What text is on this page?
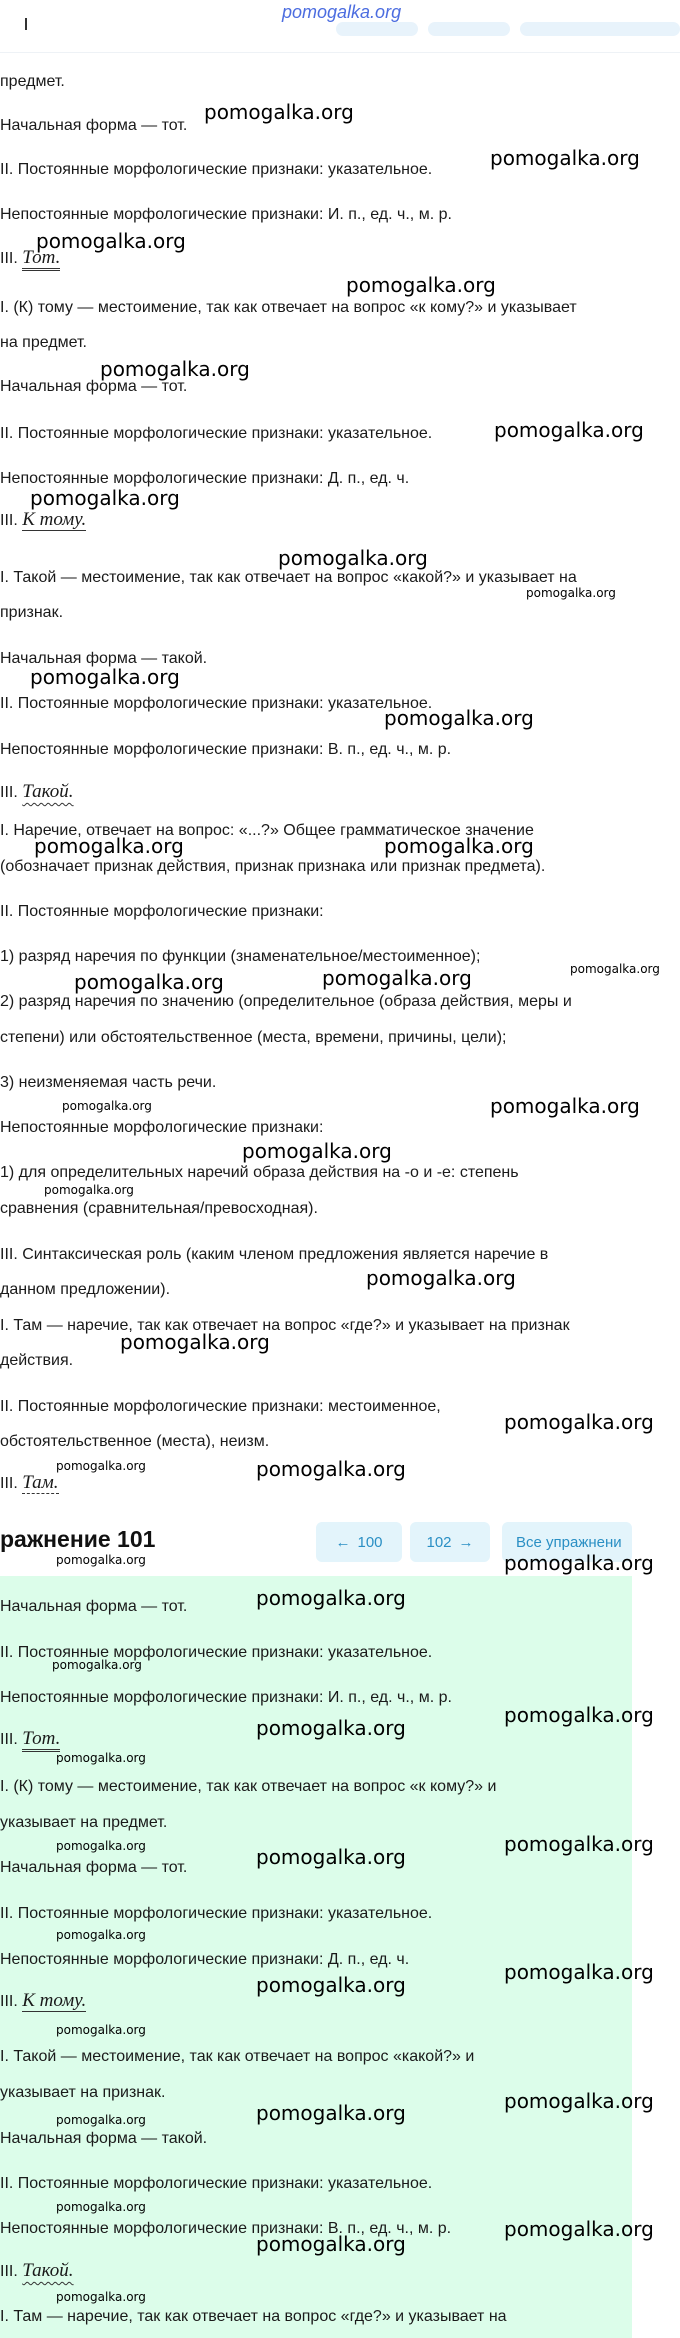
pomogalka.org
предмет.
Начальная форма — тот.
II. Постоянные морфологические признаки: указательное.
Непостоянные морфологические признаки: И. п., ед. ч., м. р.
III. Тот.
I. (К) тому — местоимение, так как отвечает на вопрос «к кому?» и указывает
на предмет.
Начальная форма — тот.
II. Постоянные морфологические признаки: указательное.
Непостоянные морфологические признаки: Д. п., ед. ч.
III. К тому.
I. Такой — местоимение, так как отвечает на вопрос «какой?» и указывает на
признак.
Начальная форма — такой.
II. Постоянные морфологические признаки: указательное.
Непостоянные морфологические признаки: В. п., ед. ч., м. р.
III. Такой.
I. Наречие, отвечает на вопрос: «...?» Общее грамматическое значение
(обозначает признак действия, признак признака или признак предмета).
II. Постоянные морфологические признаки:
1) разряд наречия по функции (знаменательное/местоименное);
2) разряд наречия по значению (определительное (образа действия, меры и
степени) или обстоятельственное (места, времени, причины, цели);
3) неизменяемая часть речи.
Непостоянные морфологические признаки:
1) для определительных наречий образа действия на -о и -е: степень
сравнения (сравнительная/превосходная).
III. Синтаксическая роль (каким членом предложения является наречие в
данном предложении).
I. Там — наречие, так как отвечает на вопрос «где?» и указывает на признак
действия.
II. Постоянные морфологические признаки: местоименное,
обстоятельственное (места), неизм.
III. Там.
ражнение 101	← 100	102 →	Все упражнени
Начальная форма — тот.
II. Постоянные морфологические признаки: указательное.
Непостоянные морфологические признаки: И. п., ед. ч., м. р.
III. Тот.
I. (К) тому — местоимение, так как отвечает на вопрос «к кому?» и
указывает на предмет.
Начальная форма — тот.
II. Постоянные морфологические признаки: указательное.
Непостоянные морфологические признаки: Д. п., ед. ч.
III. К тому.
I. Такой — местоимение, так как отвечает на вопрос «какой?» и
указывает на признак.
Начальная форма — такой.
II. Постоянные морфологические признаки: указательное.
Непостоянные морфологические признаки: В. п., ед. ч., м. р.
III. Такой.
I. Там — наречие, так как отвечает на вопрос «где?» и указывает на
pomogalka.org
pomogalka.org
pomogalka.org
pomogalka.org
pomogalka.org
pomogalka.org
pomogalka.org
pomogalka.org
pomogalka.org
pomogalka.org
pomogalka.org
pomogalka.org	pomogalka.org
pomogalka.org
pomogalka.org
pomogalka.org
pomogalka.org	pomogalka.org
pomogalka.org
pomogalka.org
pomogalka.org
pomogalka.org
pomogalka.org
pomogalka.org	pomogalka.org
pomogalka.org	pomogalka.org
pomogalka.org
pomogalka.org
pomogalka.org
pomogalka.org
pomogalka.org
pomogalka.org	pomogalka.org
pomogalka.org
pomogalka.org
pomogalka.org
pomogalka.org
pomogalka.org
pomogalka.org
pomogalka.org
pomogalka.org
pomogalka.org
pomogalka.org
pomogalka.org
pomogalka.org
